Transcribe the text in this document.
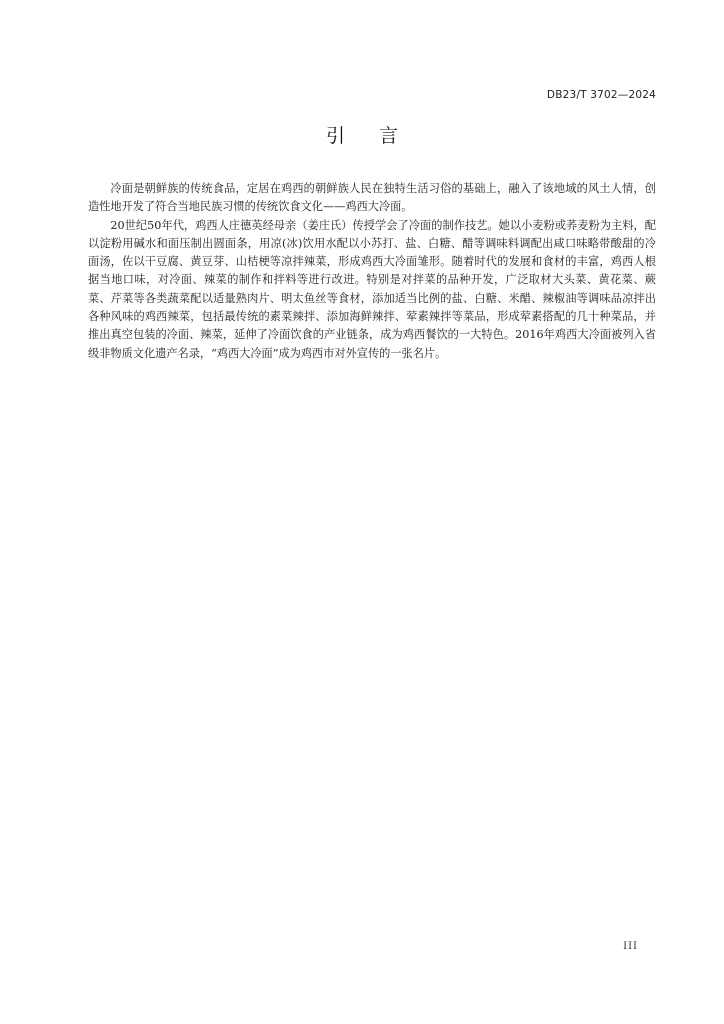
DB23/T 3702—2024
引言

冷面是朝鲜族的传统食品，定居在鸡西的朝鲜族人民在独特生活习俗的基础上，融入了该地域的风土人情，创造性地开发了符合当地民族习惯的传统饮食文化——鸡西大冷面。

20世纪50年代，鸡西人庄德英经母亲（姜庄氏）传授学会了冷面的制作技艺。她以小麦粉或荞麦粉为主料，配以淀粉用碱水和面压制出圆面条，用凉(冰)饮用水配以小苏打、盐、白糖、醋等调味料调配出咸口味略带酸甜的冷面汤，佐以干豆腐、黄豆芽、山桔梗等凉拌辣菜，形成鸡西大冷面雏形。随着时代的发展和食材的丰富，鸡西人根据当地口味，对冷面、辣菜的制作和拌料等进行改进。特别是对拌菜的品种开发，广泛取材大头菜、黄花菜、蕨菜、芹菜等各类蔬菜配以适量熟肉片、明太鱼丝等食材，添加适当比例的盐、白糖、米醋、辣椒油等调味品凉拌出各种风味的鸡西辣菜，包括最传统的素菜辣拌、添加海鲜辣拌、荤素辣拌等菜品，形成荤素搭配的几十种菜品，并推出真空包装的冷面、辣菜，延伸了冷面饮食的产业链条，成为鸡西餐饮的一大特色。2016年鸡西大冷面被列入省级非物质文化遗产名录，“鸡西大冷面”成为鸡西市对外宣传的一张名片。

III
